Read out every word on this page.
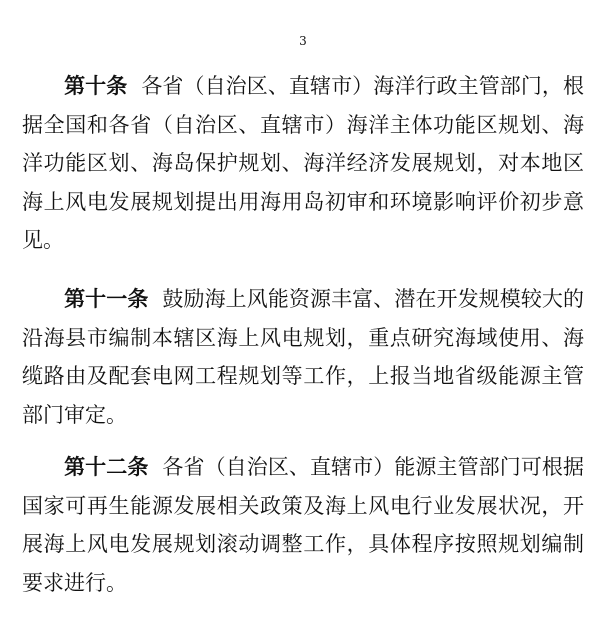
3

第十条 各省（自治区、直辖市）海洋行政主管部门，根据全国和各省（自治区、直辖市）海洋主体功能区规划、海洋功能区划、海岛保护规划、海洋经济发展规划，对本地区海上风电发展规划提出用海用岛初审和环境影响评价初步意见。

第十一条 鼓励海上风能资源丰富、潜在开发规模较大的沿海县市编制本辖区海上风电规划，重点研究海域使用、海缆路由及配套电网工程规划等工作，上报当地省级能源主管部门审定。

第十二条 各省（自治区、直辖市）能源主管部门可根据国家可再生能源发展相关政策及海上风电行业发展状况，开展海上风电发展规划滚动调整工作，具体程序按照规划编制要求进行。
